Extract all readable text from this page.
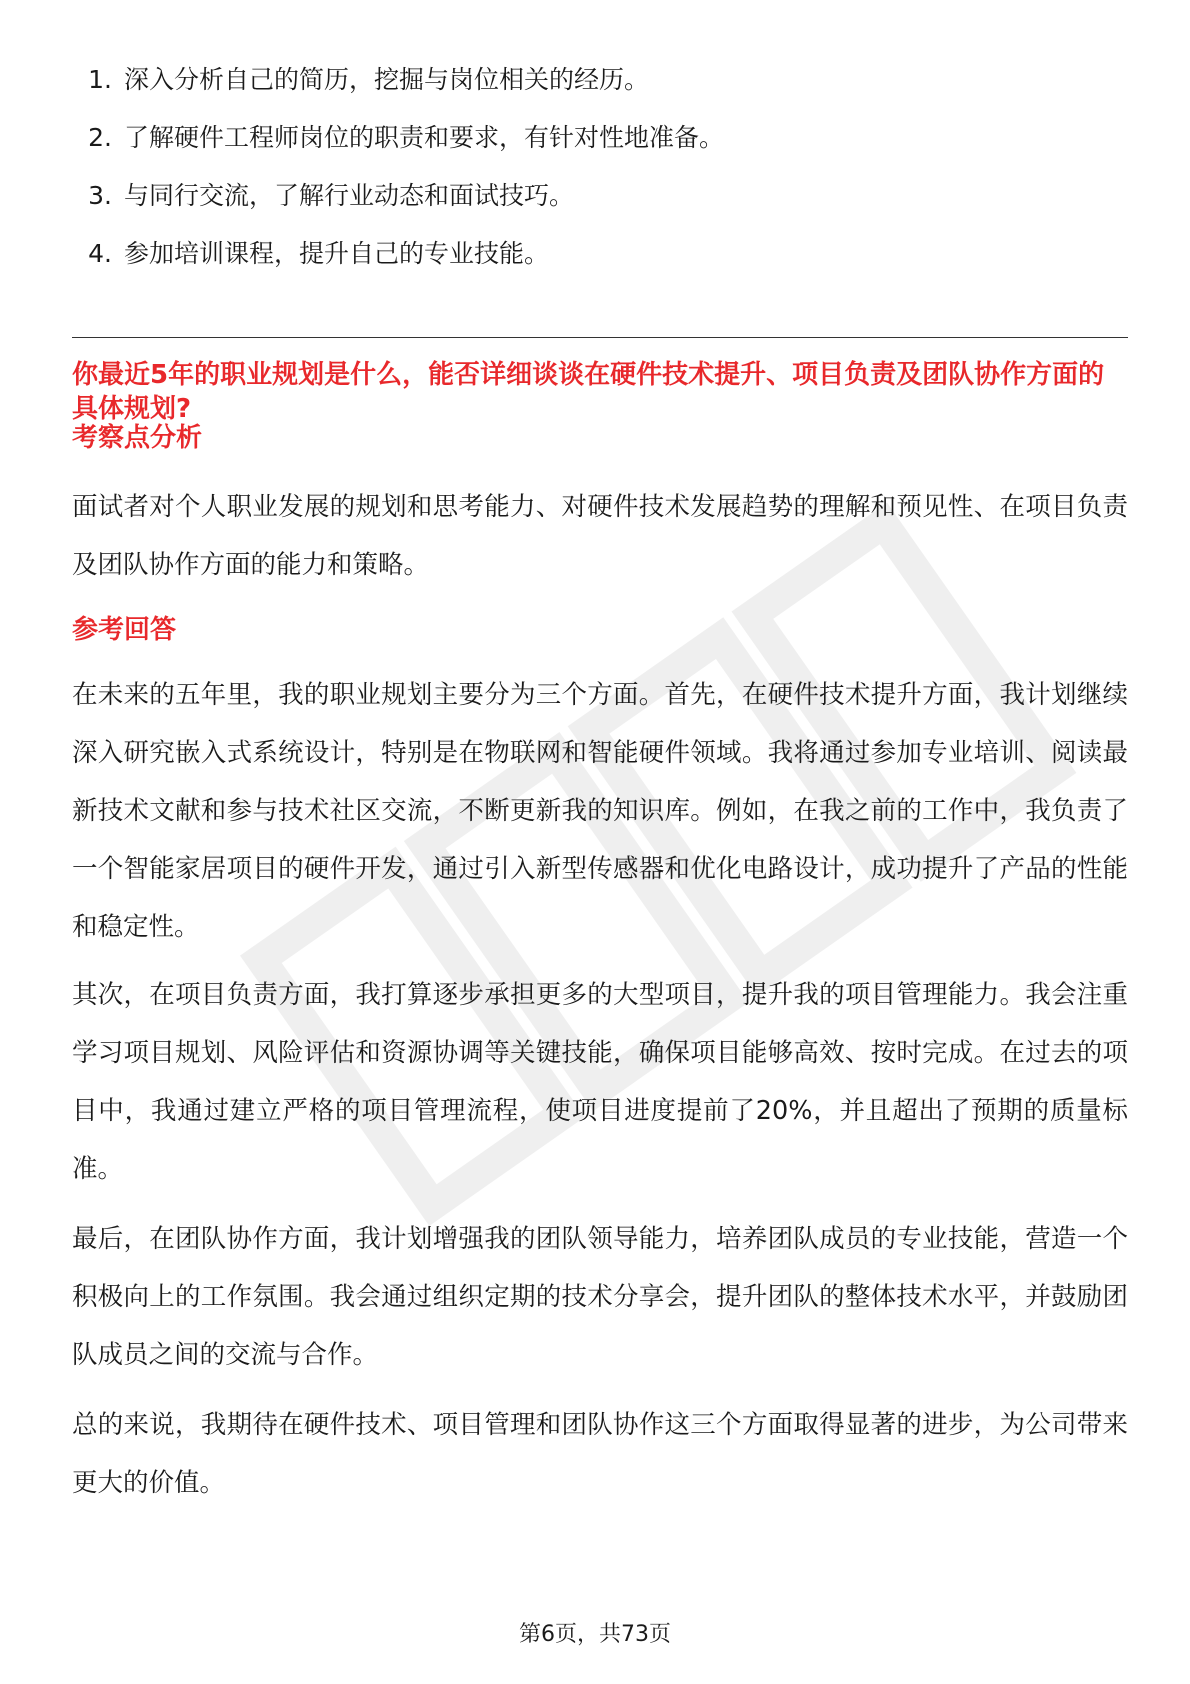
1. 深入分析自己的简历，挖掘与岗位相关的经历。
2. 了解硬件工程师岗位的职责和要求，有针对性地准备。
3. 与同行交流，了解行业动态和面试技巧。
4. 参加培训课程，提升自己的专业技能。
你最近5年的职业规划是什么，能否详细谈谈在硬件技术提升、项目负责及团队协作方面的具体规划?
考察点分析
面试者对个人职业发展的规划和思考能力、对硬件技术发展趋势的理解和预见性、在项目负责及团队协作方面的能力和策略。
参考回答
在未来的五年里，我的职业规划主要分为三个方面。首先，在硬件技术提升方面，我计划继续深入研究嵌入式系统设计，特别是在物联网和智能硬件领域。我将通过参加专业培训、阅读最新技术文献和参与技术社区交流，不断更新我的知识库。例如，在我之前的工作中，我负责了一个智能家居项目的硬件开发，通过引入新型传感器和优化电路设计，成功提升了产品的性能和稳定性。
其次，在项目负责方面，我打算逐步承担更多的大型项目，提升我的项目管理能力。我会注重学习项目规划、风险评估和资源协调等关键技能，确保项目能够高效、按时完成。在过去的项目中，我通过建立严格的项目管理流程，使项目进度提前了20%，并且超出了预期的质量标准。
最后，在团队协作方面，我计划增强我的团队领导能力，培养团队成员的专业技能，营造一个积极向上的工作氛围。我会通过组织定期的技术分享会，提升团队的整体技术水平，并鼓励团队成员之间的交流与合作。
总的来说，我期待在硬件技术、项目管理和团队协作这三个方面取得显著的进步，为公司带来更大的价值。
第6页，共73页
